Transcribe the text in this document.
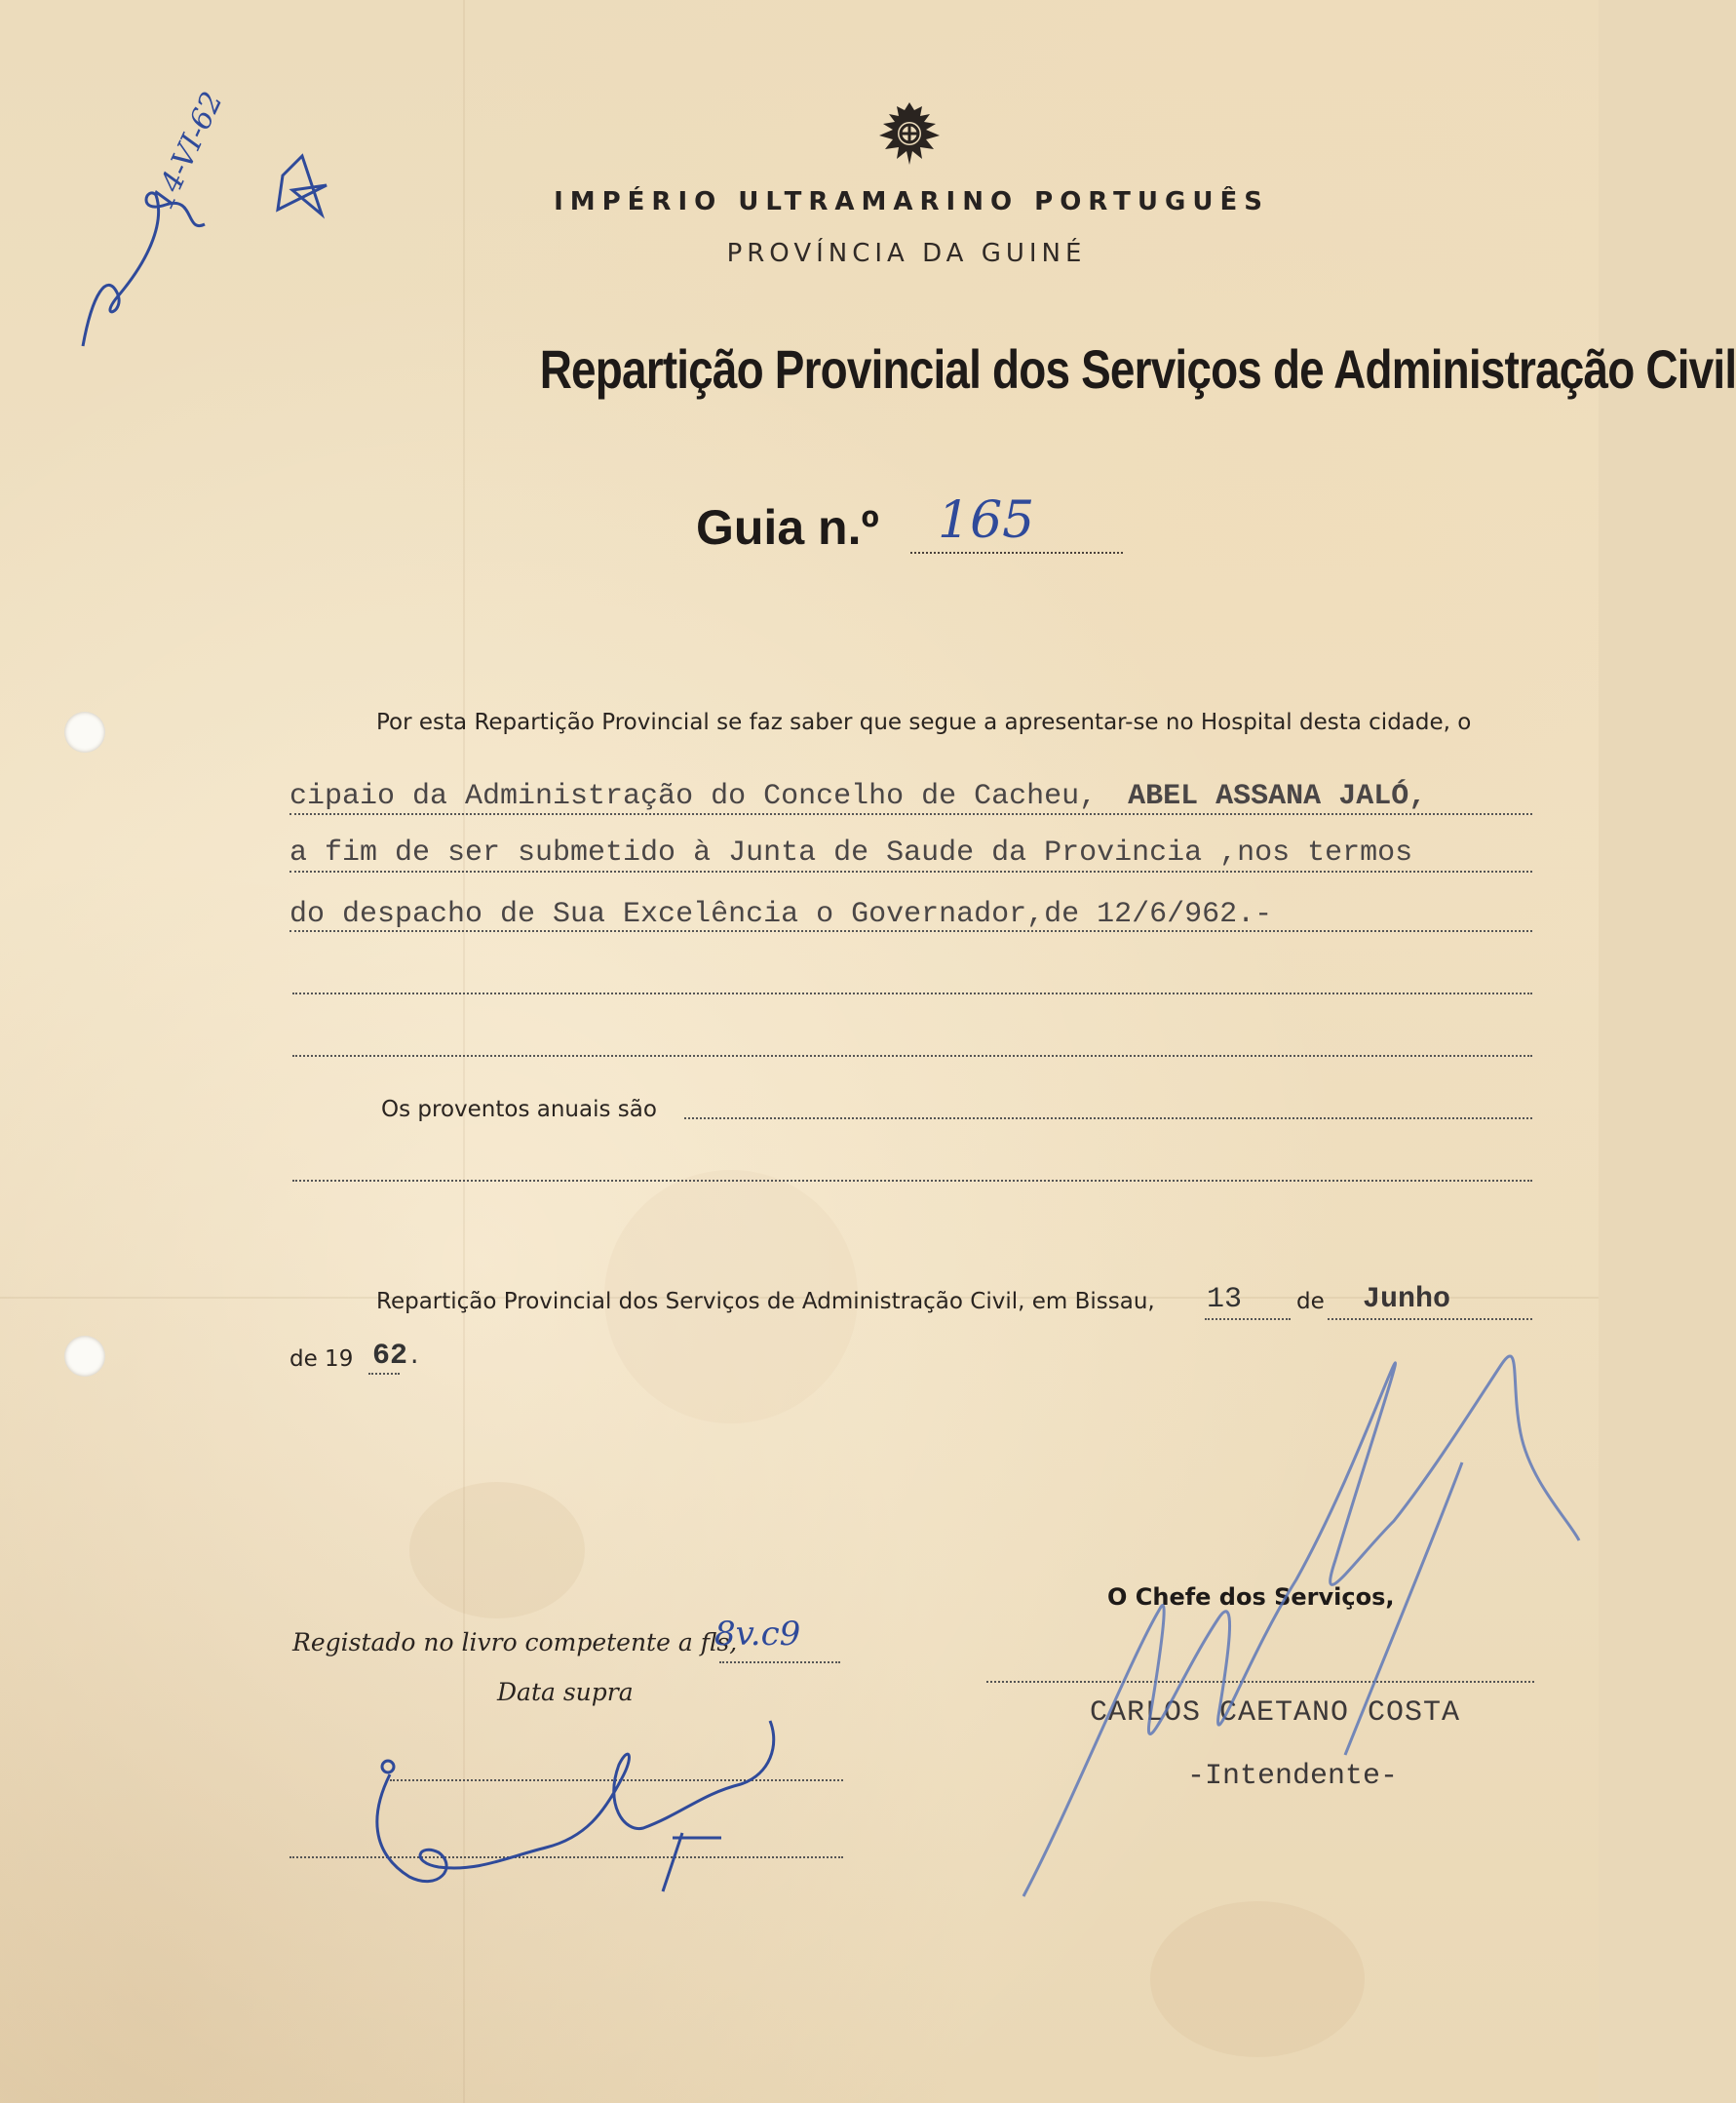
IMPÉRIO ULTRAMARINO PORTUGUÊS
PROVÍNCIA DA GUINÉ
Repartição Provincial dos Serviços de Administração Civil
Guia n.º 165
Por esta Repartição Provincial se faz saber que segue a apresentar-se no Hospital desta cidade, o
cipaio da Administração do Concelho de Cacheu, ABEL ASSANA JALÓ,
a fim de ser submetido à Junta de Saude da Provincia ,nos termos
do despacho de Sua Excelência o Governador,de 12/6/962.-
Os proventos anuais são
Repartição Provincial dos Serviços de Administração Civil, em Bissau, 13 de Junho
de 19 62.
Registado no livro competente a fls,
8v.c9
Data supra
O Chefe dos Serviços,
CARLOS CAETANO COSTA
-Intendente-
14-VI-62
